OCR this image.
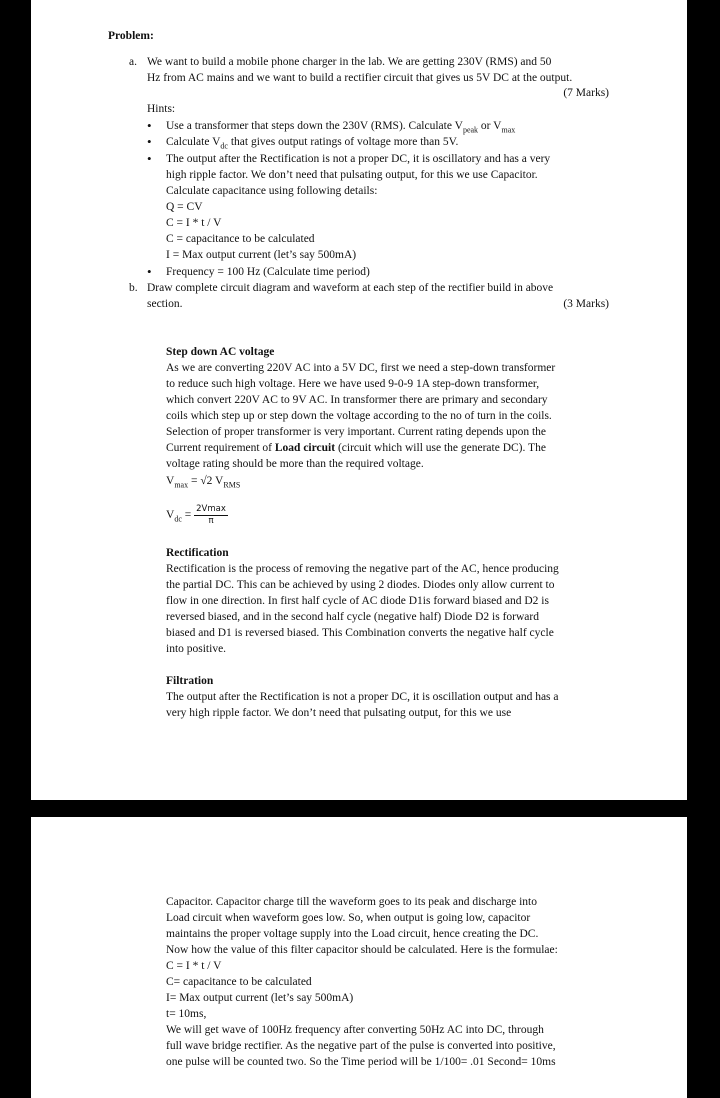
Problem:
a. We want to build a mobile phone charger in the lab. We are getting 230V (RMS) and 50
Hz from AC mains and we want to build a rectifier circuit that gives us 5V DC at the output.
(7 Marks)
Hints:
• Use a transformer that steps down the 230V (RMS). Calculate $V_{peak}$ or $V_{max}$
• Calculate $V_{dc}$ that gives output ratings of voltage more than 5V.
• The output after the Rectification is not a proper DC, it is oscillatory and has a very
high ripple factor. We don’t need that pulsating output, for this we use Capacitor.
Calculate capacitance using following details:
Q = CV
C = I * t / V
C = capacitance to be calculated
I = Max output current (let’s say 500mA)
• Frequency = 100 Hz (Calculate time period)
b. Draw complete circuit diagram and waveform at each step of the rectifier build in above
section.	(3 Marks)
Step down AC voltage
As we are converting 220V AC into a 5V DC, first we need a step-down transformer
to reduce such high voltage. Here we have used 9-0-9 1A step-down transformer,
which convert 220V AC to 9V AC. In transformer there are primary and secondary
coils which step up or step down the voltage according to the no of turn in the coils.
Selection of proper transformer is very important. Current rating depends upon the
Current requirement of Load circuit (circuit which will use the generate DC). The
voltage rating should be more than the required voltage.
$V_{max} = √2$ $V_{RMS}$
$V_{dc} = \frac{2Vmax}{\pi}$
Rectification
Rectification is the process of removing the negative part of the AC, hence producing
the partial DC. This can be achieved by using 2 diodes. Diodes only allow current to
flow in one direction. In first half cycle of AC diode D1is forward biased and D2 is
reversed biased, and in the second half cycle (negative half) Diode D2 is forward
biased and D1 is reversed biased. This Combination converts the negative half cycle
into positive.
Filtration
The output after the Rectification is not a proper DC, it is oscillation output and has a
very high ripple factor. We don’t need that pulsating output, for this we use
Capacitor. Capacitor charge till the waveform goes to its peak and discharge into
Load circuit when waveform goes low. So, when output is going low, capacitor
maintains the proper voltage supply into the Load circuit, hence creating the DC.
Now how the value of this filter capacitor should be calculated. Here is the formulae:
C = I * t / V
C= capacitance to be calculated
I= Max output current (let’s say 500mA)
t= 10ms,
We will get wave of 100Hz frequency after converting 50Hz AC into DC, through
full wave bridge rectifier. As the negative part of the pulse is converted into positive,
one pulse will be counted two. So the Time period will be 1/100= .01 Second= 10ms
